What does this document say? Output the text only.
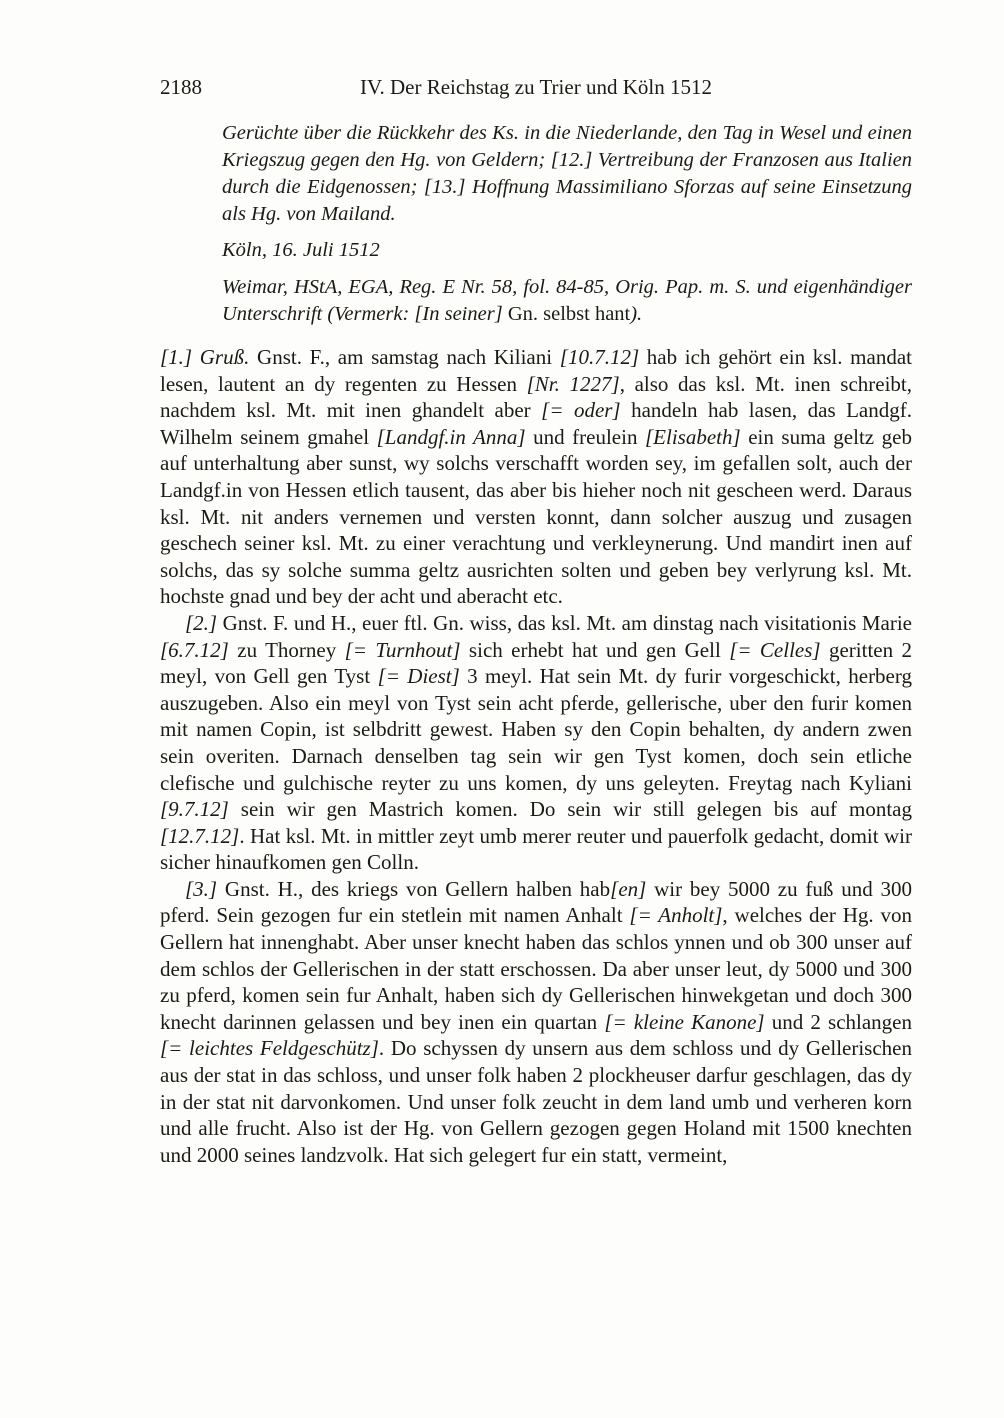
2188	IV. Der Reichstag zu Trier und Köln 1512

Gerüchte über die Rückkehr des Ks. in die Niederlande, den Tag in Wesel und einen Kriegszug gegen den Hg. von Geldern; [12.] Vertreibung der Franzosen aus Italien durch die Eidgenossen; [13.] Hoffnung Massimiliano Sforzas auf seine Einsetzung als Hg. von Mailand.

Köln, 16. Juli 1512

Weimar, HStA, EGA, Reg. E Nr. 58, fol. 84-85, Orig. Pap. m. S. und eigenhändiger Unterschrift (Vermerk: [In seiner] Gn. selbst hant).

[1.] Gruß. Gnst. F., am samstag nach Kiliani [10.7.12] hab ich gehört ein ksl. mandat lesen, lautent an dy regenten zu Hessen [Nr. 1227], also das ksl. Mt. inen schreibt, nachdem ksl. Mt. mit inen ghandelt aber [= oder] handeln hab lasen, das Landgf. Wilhelm seinem gmahel [Landgf.in Anna] und freulein [Elisabeth] ein suma geltz geb auf unterhaltung aber sunst, wy solchs verschafft worden sey, im gefallen solt, auch der Landgf.in von Hessen etlich tausent, das aber bis hieher noch nit gescheen werd. Daraus ksl. Mt. nit anders vernemen und versten konnt, dann solcher auszug und zusagen geschech seiner ksl. Mt. zu einer verachtung und verkleynerung. Und mandirt inen auf solchs, das sy solche summa geltz ausrichten solten und geben bey verlyrung ksl. Mt. hochste gnad und bey der acht und aberacht etc.

[2.] Gnst. F. und H., euer ftl. Gn. wiss, das ksl. Mt. am dinstag nach visitationis Marie [6.7.12] zu Thorney [= Turnhout] sich erhebt hat und gen Gell [= Celles] geritten 2 meyl, von Gell gen Tyst [= Diest] 3 meyl. Hat sein Mt. dy furir vorgeschickt, herberg auszugeben. Also ein meyl von Tyst sein acht pferde, gellerische, uber den furir komen mit namen Copin, ist selbdritt gewest. Haben sy den Copin behalten, dy andern zwen sein overiten. Darnach denselben tag sein wir gen Tyst komen, doch sein etliche clefische und gulchische reyter zu uns komen, dy uns geleyten. Freytag nach Kyliani [9.7.12] sein wir gen Mastrich komen. Do sein wir still gelegen bis auf montag [12.7.12]. Hat ksl. Mt. in mittler zeyt umb merer reuter und pauerfolk gedacht, domit wir sicher hinaufkomen gen Colln.

[3.] Gnst. H., des kriegs von Gellern halben hab[en] wir bey 5000 zu fuß und 300 pferd. Sein gezogen fur ein stetlein mit namen Anhalt [= Anholt], welches der Hg. von Gellern hat innenghabt. Aber unser knecht haben das schlos ynnen und ob 300 unser auf dem schlos der Gellerischen in der statt erschossen. Da aber unser leut, dy 5000 und 300 zu pferd, komen sein fur Anhalt, haben sich dy Gellerischen hinwekgetan und doch 300 knecht darinnen gelassen und bey inen ein quartan [= kleine Kanone] und 2 schlangen [= leichtes Feldgeschütz]. Do schyssen dy unsern aus dem schloss und dy Gellerischen aus der stat in das schloss, und unser folk haben 2 plockheuser darfur geschlagen, das dy in der stat nit darvonkomen. Und unser folk zeucht in dem land umb und verheren korn und alle frucht. Also ist der Hg. von Gellern gezogen gegen Holand mit 1500 knechten und 2000 seines landzvolk. Hat sich gelegert fur ein statt, vermeint,
